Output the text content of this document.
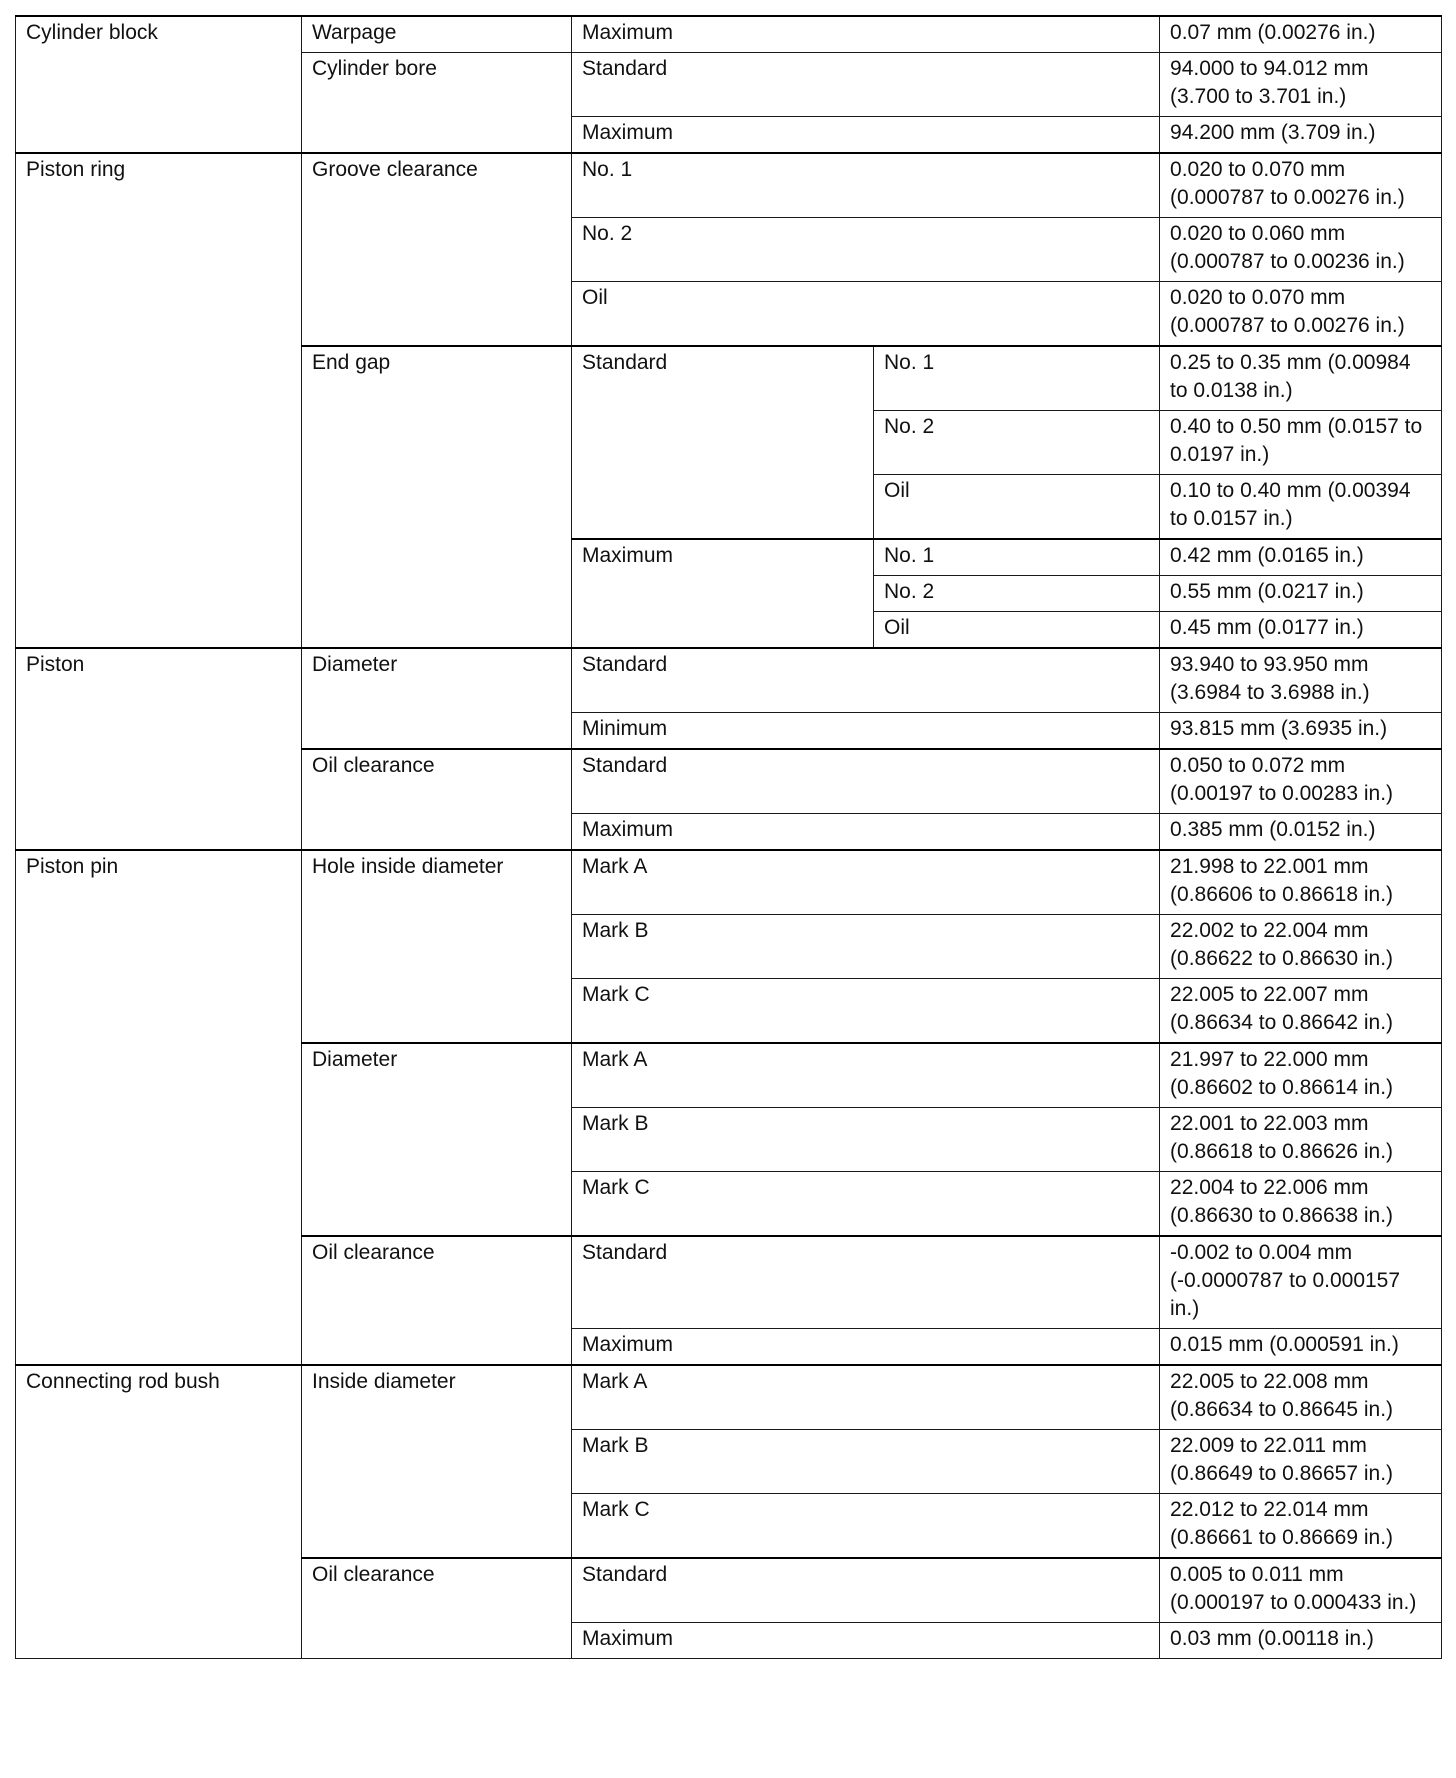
Cylinder block	Warpage	Maximum		0.07 mm (0.00276 in.)
	Cylinder bore	Standard		94.000 to 94.012 mm (3.700 to 3.701 in.)
		Maximum		94.200 mm (3.709 in.)
Piston ring	Groove clearance	No. 1		0.020 to 0.070 mm (0.000787 to 0.00276 in.)
		No. 2		0.020 to 0.060 mm (0.000787 to 0.00236 in.)
		Oil		0.020 to 0.070 mm (0.000787 to 0.00276 in.)
	End gap	Standard	No. 1	0.25 to 0.35 mm (0.00984 to 0.0138 in.)
			No. 2	0.40 to 0.50 mm (0.0157 to 0.0197 in.)
			Oil	0.10 to 0.40 mm (0.00394 to 0.0157 in.)
		Maximum	No. 1	0.42 mm (0.0165 in.)
			No. 2	0.55 mm (0.0217 in.)
			Oil	0.45 mm (0.0177 in.)
Piston	Diameter	Standard		93.940 to 93.950 mm (3.6984 to 3.6988 in.)
		Minimum		93.815 mm (3.6935 in.)
	Oil clearance	Standard		0.050 to 0.072 mm (0.00197 to 0.00283 in.)
		Maximum		0.385 mm (0.0152 in.)
Piston pin	Hole inside diameter	Mark A		21.998 to 22.001 mm (0.86606 to 0.86618 in.)
		Mark B		22.002 to 22.004 mm (0.86622 to 0.86630 in.)
		Mark C		22.005 to 22.007 mm (0.86634 to 0.86642 in.)
	Diameter	Mark A		21.997 to 22.000 mm (0.86602 to 0.86614 in.)
		Mark B		22.001 to 22.003 mm (0.86618 to 0.86626 in.)
		Mark C		22.004 to 22.006 mm (0.86630 to 0.86638 in.)
	Oil clearance	Standard		-0.002 to 0.004 mm (-0.0000787 to 0.000157 in.)
		Maximum		0.015 mm (0.000591 in.)
Connecting rod bush	Inside diameter	Mark A		22.005 to 22.008 mm (0.86634 to 0.86645 in.)
		Mark B		22.009 to 22.011 mm (0.86649 to 0.86657 in.)
		Mark C		22.012 to 22.014 mm (0.86661 to 0.86669 in.)
	Oil clearance	Standard		0.005 to 0.011 mm (0.000197 to 0.000433 in.)
		Maximum		0.03 mm (0.00118 in.)
